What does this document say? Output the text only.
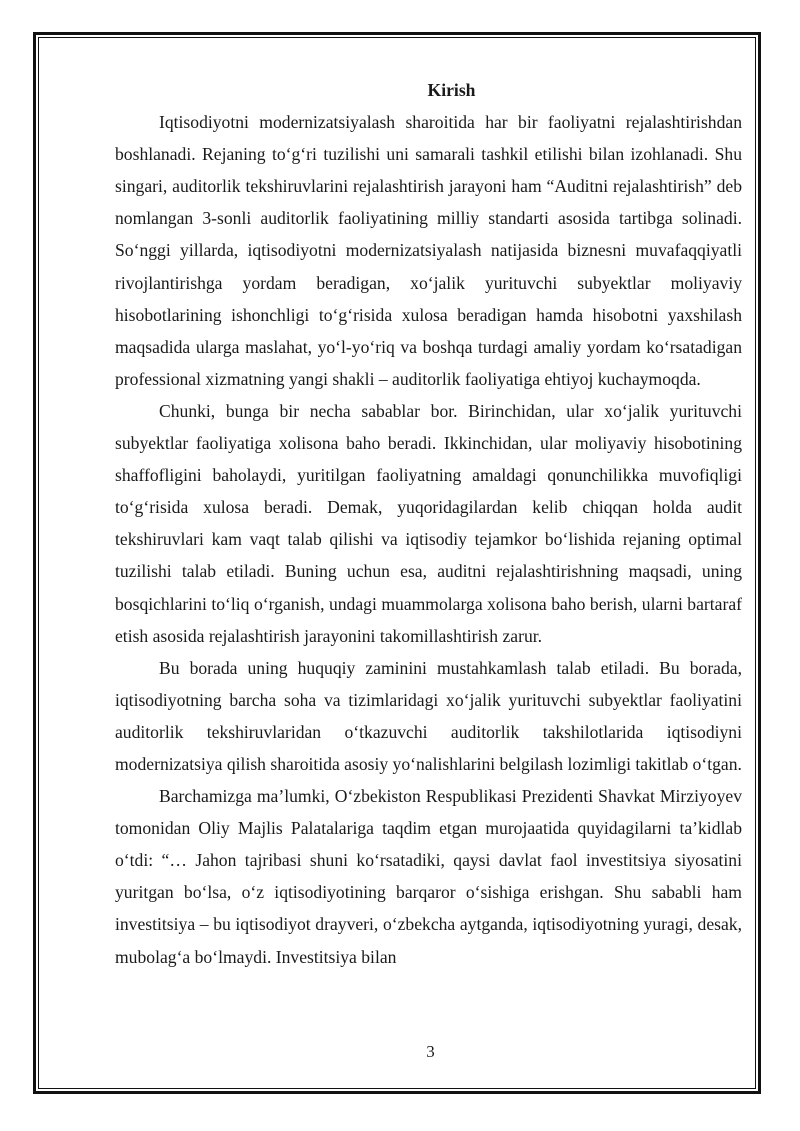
Kirish

Iqtisodiyotni modernizatsiyalash sharoitida har bir faoliyatni rejalashtirishdan boshlanadi. Rejaning to‘g‘ri tuzilishi uni samarali tashkil etilishi bilan izohlanadi. Shu singari, auditorlik tekshiruvlarini rejalashtirish jarayoni ham “Auditni rejalashtirish” deb nomlangan 3-sonli auditorlik faoliyatining milliy standarti asosida tartibga solinadi. So‘nggi yillarda, iqtisodiyotni modernizatsiyalash natijasida biznesni muvafaqqiyatli rivojlantirishga yordam beradigan, xo‘jalik yurituvchi subyektlar moliyaviy hisobotlarining ishonchligi to‘g‘risida xulosa beradigan hamda hisobotni yaxshilash maqsadida ularga maslahat, yo‘l-yo‘riq va boshqa turdagi amaliy yordam ko‘rsatadigan professional xizmatning yangi shakli – auditorlik faoliyatiga ehtiyoj kuchaymoqda.

Chunki, bunga bir necha sabablar bor. Birinchidan, ular xo‘jalik yurituvchi subyektlar faoliyatiga xolisona baho beradi. Ikkinchidan, ular moliyaviy hisobotining shaffofligini baholaydi, yuritilgan faoliyatning amaldagi qonunchilikka muvofiqligi to‘g‘risida xulosa beradi. Demak, yuqoridagilardan kelib chiqqan holda audit tekshiruvlari kam vaqt talab qilishi va iqtisodiy tejamkor bo‘lishida rejaning optimal tuzilishi talab etiladi. Buning uchun esa, auditni rejalashtirishning maqsadi, uning bosqichlarini to‘liq o‘rganish, undagi muammolarga xolisona baho berish, ularni bartaraf etish asosida rejalashtirish jarayonini takomillashtirish zarur.

Bu borada uning huquqiy zaminini mustahkamlash talab etiladi. Bu borada, iqtisodiyotning barcha soha va tizimlaridagi xo‘jalik yurituvchi subyektlar faoliyatini auditorlik tekshiruvlaridan o‘tkazuvchi auditorlik takshilotlarida iqtisodiyni modernizatsiya qilish sharoitida asosiy yo‘nalishlarini belgilash lozimligi takitlab o‘tgan.

Barchamizga ma’lumki, O‘zbekiston Respublikasi Prezidenti Shavkat Mirziyoyev tomonidan Oliy Majlis Palatalariga taqdim etgan murojaatida quyidagilarni ta’kidlab o‘tdi: “… Jahon tajribasi shuni ko‘rsatadiki, qaysi davlat faol investitsiya siyosatini yuritgan bo‘lsa, o‘z iqtisodiyotining barqaror o‘sishiga erishgan. Shu sababli ham investitsiya – bu iqtisodiyot drayveri, o‘zbekcha aytganda, iqtisodiyotning yuragi, desak, mubolag‘a bo‘lmaydi. Investitsiya bilan

3
